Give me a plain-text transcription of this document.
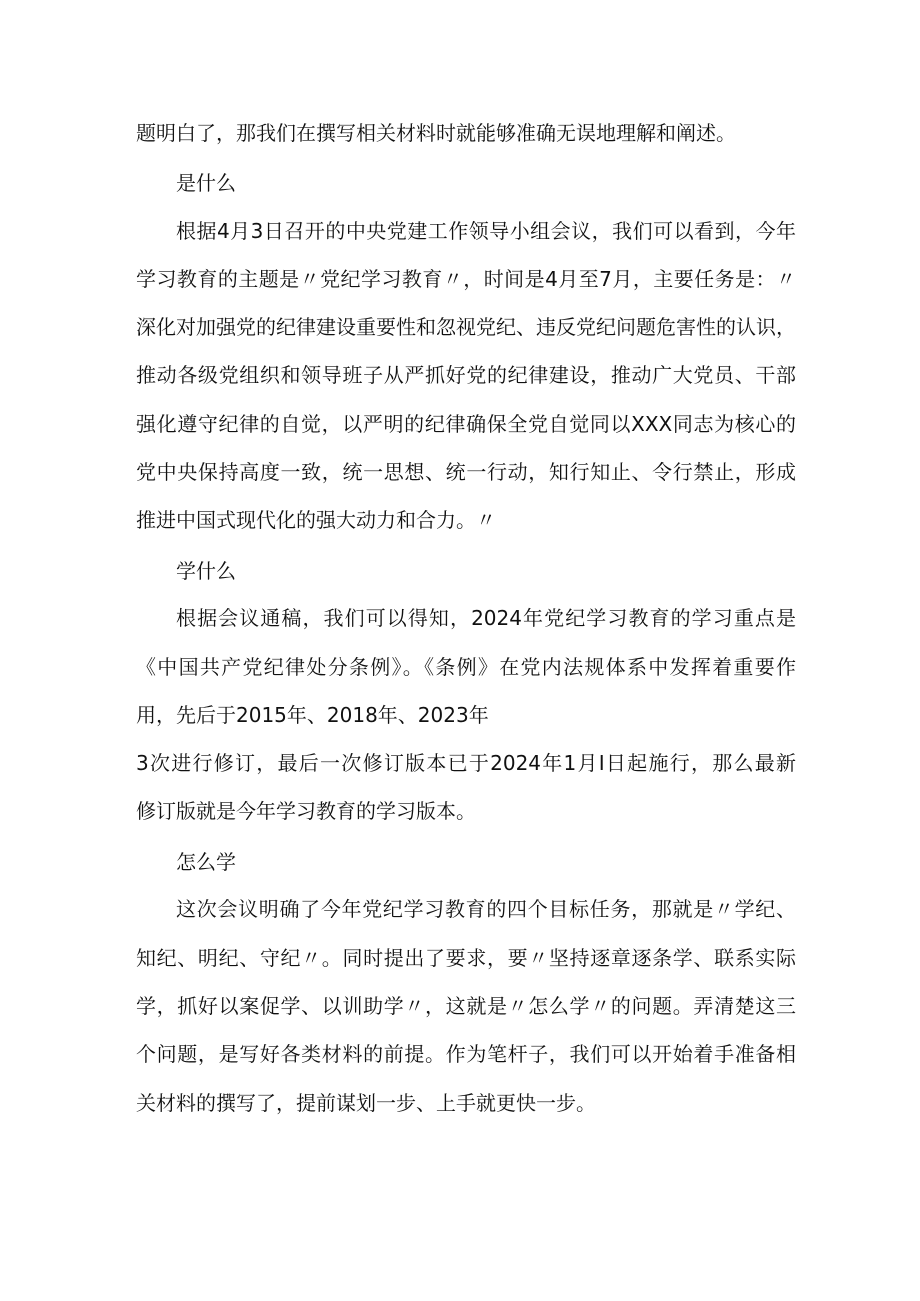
题明白了，那我们在撰写相关材料时就能够准确无误地理解和阐述。
是什么
根据4月3日召开的中央党建工作领导小组会议，我们可以看到，今年
学习教育的主题是〃党纪学习教育〃，时间是4月至7月，主要任务是：〃
深化对加强党的纪律建设重要性和忽视党纪、违反党纪问题危害性的认识，
推动各级党组织和领导班子从严抓好党的纪律建设，推动广大党员、干部
强化遵守纪律的自觉，以严明的纪律确保全党自觉同以XXX同志为核心的
党中央保持高度一致，统一思想、统一行动，知行知止、令行禁止，形成
推进中国式现代化的强大动力和合力。〃
学什么
根据会议通稿，我们可以得知，2024年党纪学习教育的学习重点是
《中国共产党纪律处分条例》。《条例》在党内法规体系中发挥着重要作
用，先后于2015年、2018年、2023年
3次进行修订，最后一次修订版本已于2024年1月I日起施行，那么最新
修订版就是今年学习教育的学习版本。
怎么学
这次会议明确了今年党纪学习教育的四个目标任务，那就是〃学纪、
知纪、明纪、守纪〃。同时提出了要求，要〃坚持逐章逐条学、联系实际
学，抓好以案促学、以训助学〃，这就是〃怎么学〃的问题。弄清楚这三
个问题，是写好各类材料的前提。作为笔杆子，我们可以开始着手准备相
关材料的撰写了，提前谋划一步、上手就更快一步。
